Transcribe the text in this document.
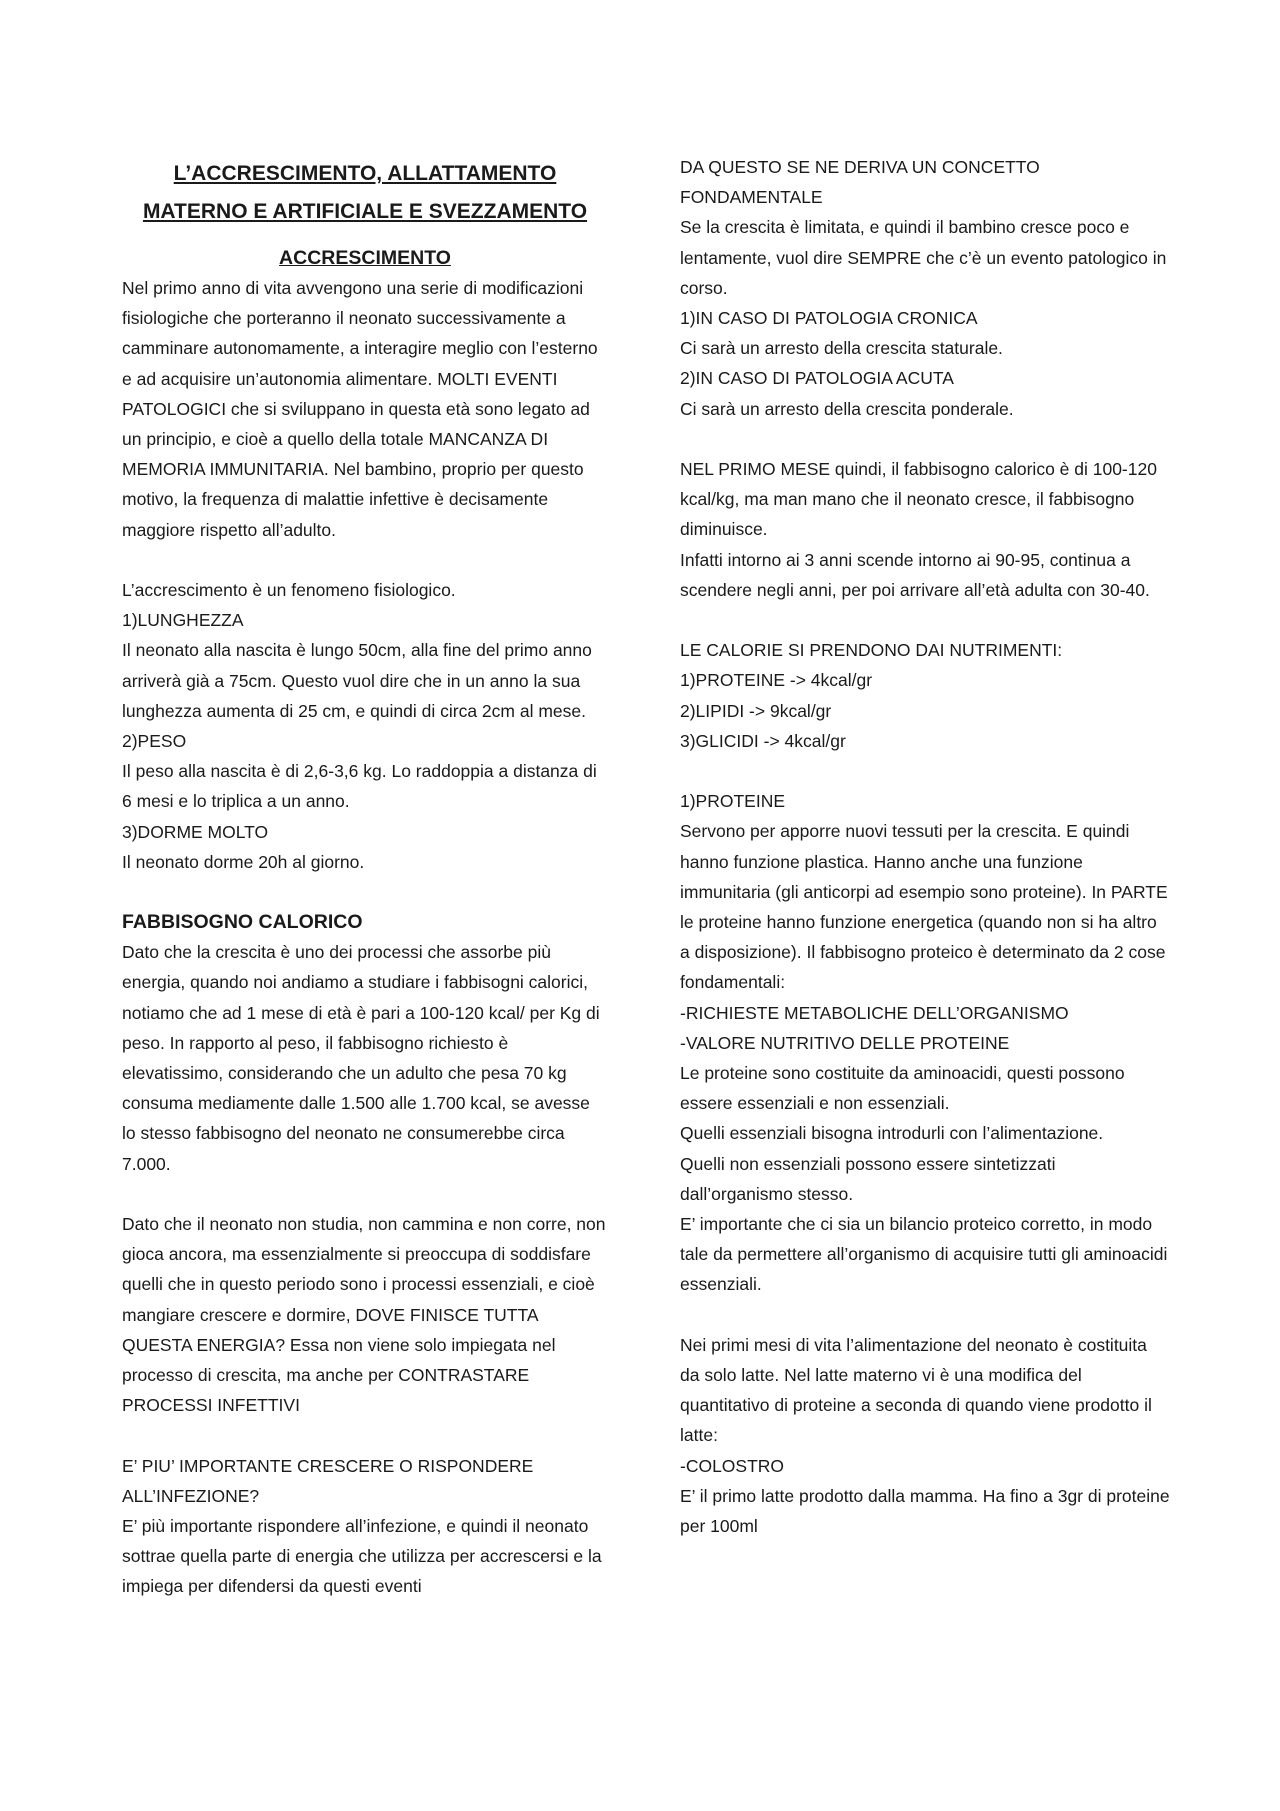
L’ACCRESCIMENTO, ALLATTAMENTO

MATERNO E ARTIFICIALE E SVEZZAMENTO

ACCRESCIMENTO

Nel primo anno di vita avvengono una serie di modificazioni fisiologiche che porteranno il neonato successivamente a camminare autonomamente, a interagire meglio con l’esterno e ad acquisire un’autonomia alimentare. MOLTI EVENTI PATOLOGICI che si sviluppano in questa età sono legato ad un principio, e cioè a quello della totale MANCANZA DI MEMORIA IMMUNITARIA. Nel bambino, proprio per questo motivo, la frequenza di malattie infettive è decisamente maggiore rispetto all’adulto.

L’accrescimento è un fenomeno fisiologico.

1)LUNGHEZZA

Il neonato alla nascita è lungo 50cm, alla fine del primo anno arriverà già a 75cm. Questo vuol dire che in un anno la sua lunghezza aumenta di 25 cm, e quindi di circa 2cm al mese.

2)PESO

Il peso alla nascita è di 2,6-3,6 kg. Lo raddoppia a distanza di 6 mesi e lo triplica a un anno.

3)DORME MOLTO

Il neonato dorme 20h al giorno.

FABBISOGNO CALORICO

Dato che la crescita è uno dei processi che assorbe più energia, quando noi andiamo a studiare i fabbisogni calorici, notiamo che ad 1 mese di età è pari a 100-120 kcal/ per Kg di peso. In rapporto al peso, il fabbisogno richiesto è elevatissimo, considerando che un adulto che pesa 70 kg consuma mediamente dalle 1.500 alle 1.700 kcal, se avesse lo stesso fabbisogno del neonato ne consumerebbe circa 7.000.

Dato che il neonato non studia, non cammina e non corre, non gioca ancora, ma essenzialmente si preoccupa di soddisfare quelli che in questo periodo sono i processi essenziali, e cioè mangiare crescere e dormire, DOVE FINISCE TUTTA QUESTA ENERGIA? Essa non viene solo impiegata nel processo di crescita, ma anche per CONTRASTARE PROCESSI INFETTIVI

E’ PIU’ IMPORTANTE CRESCERE O RISPONDERE ALL’INFEZIONE?

E’ più importante rispondere all’infezione, e quindi il neonato sottrae quella parte di energia che utilizza per accrescersi e la impiega per difendersi da questi eventi

DA QUESTO SE NE DERIVA UN CONCETTO

FONDAMENTALE

Se la crescita è limitata, e quindi il bambino cresce poco e lentamente, vuol dire SEMPRE che c’è un evento patologico in corso.

1)IN CASO DI PATOLOGIA CRONICA

Ci sarà un arresto della crescita staturale.

2)IN CASO DI PATOLOGIA ACUTA

Ci sarà un arresto della crescita ponderale.

NEL PRIMO MESE quindi, il fabbisogno calorico è di 100-120 kcal/kg, ma man mano che il neonato cresce, il fabbisogno diminuisce.

Infatti intorno ai 3 anni scende intorno ai 90-95, continua a scendere negli anni, per poi arrivare all’età adulta con 30-40.

LE CALORIE SI PRENDONO DAI NUTRIMENTI:

1)PROTEINE -> 4kcal/gr

2)LIPIDI -> 9kcal/gr

3)GLICIDI -> 4kcal/gr

1)PROTEINE

Servono per apporre nuovi tessuti per la crescita. E quindi hanno funzione plastica. Hanno anche una funzione immunitaria (gli anticorpi ad esempio sono proteine). In PARTE le proteine hanno funzione energetica (quando non si ha altro a disposizione). Il fabbisogno proteico è determinato da 2 cose fondamentali:

-RICHIESTE METABOLICHE DELL’ORGANISMO

-VALORE NUTRITIVO DELLE PROTEINE

Le proteine sono costituite da aminoacidi, questi possono essere essenziali e non essenziali.

Quelli essenziali bisogna introdurli con l’alimentazione.

Quelli non essenziali possono essere sintetizzati dall’organismo stesso.

E’ importante che ci sia un bilancio proteico corretto, in modo tale da permettere all’organismo di acquisire tutti gli aminoacidi essenziali.

Nei primi mesi di vita l’alimentazione del neonato è costituita da solo latte. Nel latte materno vi è una modifica del quantitativo di proteine a seconda di quando viene prodotto il latte:

-COLOSTRO

E’ il primo latte prodotto dalla mamma. Ha fino a 3gr di proteine per 100ml
